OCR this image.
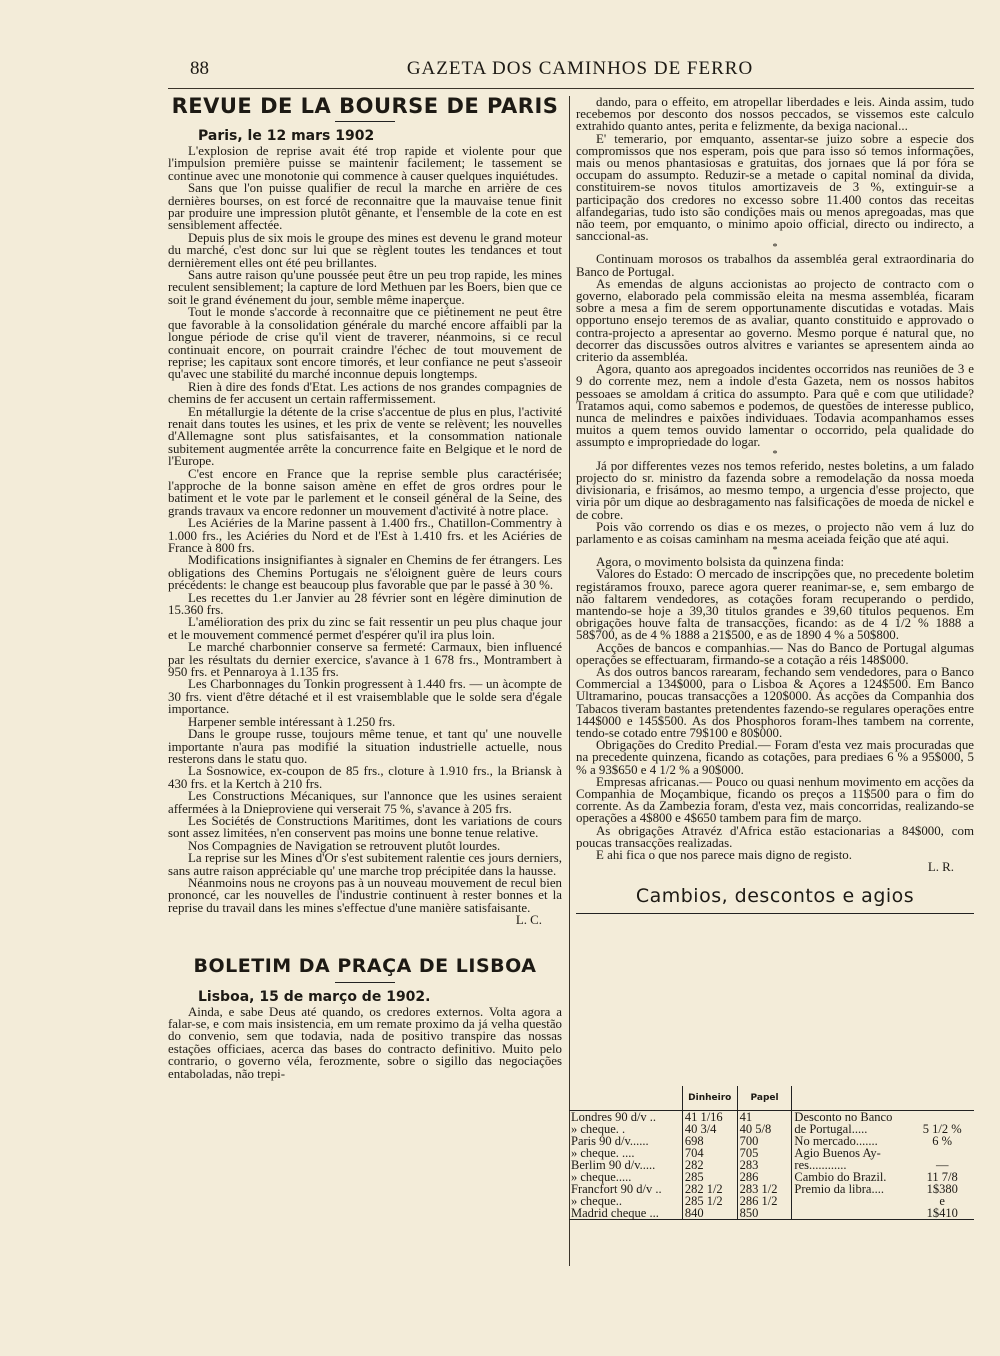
88	GAZETA DOS CAMINHOS DE FERRO
REVUE DE LA BOURSE DE PARIS
Paris, le 12 mars 1902

L'explosion de reprise avait été trop rapide et violente pour que l'impulsion première puisse se maintenir facilement; le tassement se continue avec une monotonie qui commence à causer quelques inquiétudes.

Sans que l'on puisse qualifier de recul la marche en arrière de ces dernières bourses, on est forcé de reconnaitre que la mauvaise tenue finit par produire une impression plutôt gênante, et l'ensemble de la cote en est sensiblement affectée.

Depuis plus de six mois le groupe des mines est devenu le grand moteur du marché, c'est donc sur lui que se règlent toutes les tendances et tout dernièrement elles ont été peu brillantes.

Sans autre raison qu'une poussée peut être un peu trop rapide, les mines reculent sensiblement; la capture de lord Methuen par les Boers, bien que ce soit le grand événement du jour, semble même inaperçue.

Tout le monde s'accorde à reconnaitre que ce piétinement ne peut être que favorable à la consolidation générale du marché encore affaibli par la longue période de crise qu'il vient de traverer, néanmoins, si ce recul continuait encore, on pourrait craindre l'échec de tout mouvement de reprise; les capitaux sont encore timorés, et leur confiance ne peut s'asseoir qu'avec une stabilité du marché inconnue depuis longtemps.

Rien à dire des fonds d'Etat. Les actions de nos grandes compagnies de chemins de fer accusent un certain raffermissement.

En métallurgie la détente de la crise s'accentue de plus en plus, l'activité renait dans toutes les usines, et les prix de vente se relèvent; les nouvelles d'Allemagne sont plus satisfaisantes, et la consommation nationale subitement augmentée arrête la concurrence faite en Belgique et le nord de l'Europe.

C'est encore en France que la reprise semble plus caractérisée; l'approche de la bonne saison amène en effet de gros ordres pour le batiment et le vote par le parlement et le conseil général de la Seine, des grands travaux va encore redonner un mouvement d'activité à notre place.

Les Aciéries de la Marine passent à 1.400 frs., Chatillon-Commentry à 1.000 frs., les Aciéries du Nord et de l'Est à 1.410 frs. et les Aciéries de France à 800 frs.

Modifications insignifiantes à signaler en Chemins de fer étrangers. Les obligations des Chemins Portugais ne s'éloignent guère de leurs cours précédents: le change est beaucoup plus favorable que par le passé à 30 %.

Les recettes du 1.er Janvier au 28 février sont en légère diminution de 15.360 frs.

L'amélioration des prix du zinc se fait ressentir un peu plus chaque jour et le mouvement commencé permet d'espérer qu'il ira plus loin.

Le marché charbonnier conserve sa fermeté: Carmaux, bien influencé par les résultats du dernier exercice, s'avance à 1 678 frs., Montrambert à 950 frs. et Pennaroya à 1.135 frs.

Les Charbonnages du Tonkin progressent à 1.440 frs. — un àcompte de 30 frs. vient d'être détaché et il est vraisemblable que le solde sera d'égale importance.

Harpener semble intéressant à 1.250 frs.

Dans le groupe russe, toujours même tenue, et tant qu' une nouvelle importante n'aura pas modifié la situation industrielle actuelle, nous resterons dans le statu quo.

La Sosnowice, ex-coupon de 85 frs., cloture à 1.910 frs., la Briansk à 430 frs. et la Kertch à 210 frs.

Les Constructions Mécaniques, sur l'annonce que les usines seraient affermées à la Dnieproviene qui verserait 75 %, s'avance à 205 frs.

Les Sociétés de Constructions Maritimes, dont les variations de cours sont assez limitées, n'en conservent pas moins une bonne tenue relative.

Nos Compagnies de Navigation se retrouvent plutôt lourdes.

La reprise sur les Mines d'Or s'est subitement ralentie ces jours derniers, sans autre raison appréciable qu' une marche trop précipitée dans la hausse.

Néanmoins nous ne croyons pas à un nouveau mouvement de recul bien prononcé, car les nouvelles de l'industrie continuent à rester bonnes et la reprise du travail dans les mines s'effectue d'une manière satisfaisante.

L. C.

BOLETIM DA PRAÇA DE LISBOA
Lisboa, 15 de março de 1902.

Ainda, e sabe Deus até quando, os credores externos. Volta agora a falar-se, e com mais insistencia, em um remate proximo da já velha questão do convenio, sem que todavia, nada de positivo transpire das nossas estações officiaes, acerca das bases do contracto definitivo. Muito pelo contrario, o governo véla, ferozmente, sobre o sigillo das negociações entaboladas, não trepi-

dando, para o effeito, em atropellar liberdades e leis. Ainda assim, tudo recebemos por desconto dos nossos peccados, se vissemos este calculo extrahido quanto antes, perita e felizmente, da bexiga nacional...

E' temerario, por emquanto, assentar-se juizo sobre a especie dos compromissos que nos esperam, pois que para isso só temos informações, mais ou menos phantasiosas e gratuitas, dos jornaes que lá por fóra se occupam do assumpto. Reduzir-se a metade o capital nominal da divida, constituirem-se novos titulos amortizaveis de 3 %, extinguir-se a participação dos credores no excesso sobre 11.400 contos das receitas alfandegarias, tudo isto são condições mais ou menos apregoadas, mas que não teem, por emquanto, o minimo apoio official, directo ou indirecto, a sanccional-as.

*

Continuam morosos os trabalhos da assembléa geral extraordinaria do Banco de Portugal.

As emendas de alguns accionistas ao projecto de contracto com o governo, elaborado pela commissão eleita na mesma assembléa, ficaram sobre a mesa a fim de serem opportunamente discutidas e votadas. Mais opportuno ensejo teremos de as avaliar, quanto constituido e approvado o contra-projecto a apresentar ao governo. Mesmo porque é natural que, no decorrer das discussões outros alvitres e variantes se apresentem ainda ao criterio da assembléa.

Agora, quanto aos apregoados incidentes occorridos nas reuniões de 3 e 9 do corrente mez, nem a indole d'esta Gazeta, nem os nossos habitos pessoaes se amoldam á critica do assumpto. Para quê e com que utilidade? Tratamos aqui, como sabemos e podemos, de questões de interesse publico, nunca de melindres e paixões individuaes. Todavia acompanhamos esses muitos a quem temos ouvido lamentar o occorrido, pela qualidade do assumpto e impropriedade do logar.

*

Já por differentes vezes nos temos referido, nestes boletins, a um falado projecto do sr. ministro da fazenda sobre a remodelação da nossa moeda divisionaria, e frisámos, ao mesmo tempo, a urgencia d'esse projecto, que viria pôr um dique ao desbragamento nas falsificações de moeda de nickel e de cobre.

Pois vão correndo os dias e os mezes, o projecto não vem á luz do parlamento e as coisas caminham na mesma aceiada feição que até aqui.

*

Agora, o movimento bolsista da quinzena finda:

Valores do Estado: O mercado de inscripções que, no precedente boletim registáramos frouxo, parece agora querer reanimar-se, e, sem embargo de não faltarem vendedores, as cotações foram recuperando o perdido, mantendo-se hoje a 39,30 titulos grandes e 39,60 titulos pequenos. Em obrigações houve falta de transacções, ficando: as de 4 1/2 % 1888 a 58$700, as de 4 % 1888 a 21$500, e as de 1890 4 % a 50$800.

Acções de bancos e companhias.— Nas do Banco de Portugal algumas operações se effectuaram, firmando-se a cotação a réis 148$000.

As dos outros bancos rarearam, fechando sem vendedores, para o Banco Commercial a 134$000, para o Lisboa & Açores a 124$500. Em Banco Ultramarino, poucas transacções a 120$000. As acções da Companhia dos Tabacos tiveram bastantes pretendentes fazendo-se regulares operações entre 144$000 e 145$500. As dos Phosphoros foram-lhes tambem na corrente, tendo-se cotado entre 79$100 e 80$000.

Obrigações do Credito Predial.— Foram d'esta vez mais procuradas que na precedente quinzena, ficando as cotações, para prediaes 6 % a 95$000, 5 % a 93$650 e 4 1/2 % a 90$000.

Empresas africanas.— Pouco ou quasi nenhum movimento em acções da Companhia de Moçambique, ficando os preços a 11$500 para o fim do corrente. As da Zambezia foram, d'esta vez, mais concorridas, realizando-se operações a 4$800 e 4$650 tambem para fim de março.

As obrigações Atravéz d'Africa estão estacionarias a 84$000, com poucas transacções realizadas.

E ahi fica o que nos parece mais digno de registo.

L. R.

Cambios, descontos e agios
	Dinheiro	Papel		
Londres 90 d/v ..	41 1/16	41	Desconto no Banco	
» cheque. .	40 3/4	40 5/8	de Portugal.....	5 1/2 %
Paris 90 d/v......	698	700	No mercado.......	6 %
» cheque. ....	704	705	Agio Buenos Ay-	
Berlim 90 d/v.....	282	283	res............	—
» cheque.....	285	286	Cambio do Brazil.	11 7/8
Francfort 90 d/v ..	282 1/2	283 1/2	Premio da libra....	1$380
» cheque..	285 1/2	286 1/2		e
Madrid cheque ...	840	850		1$410
